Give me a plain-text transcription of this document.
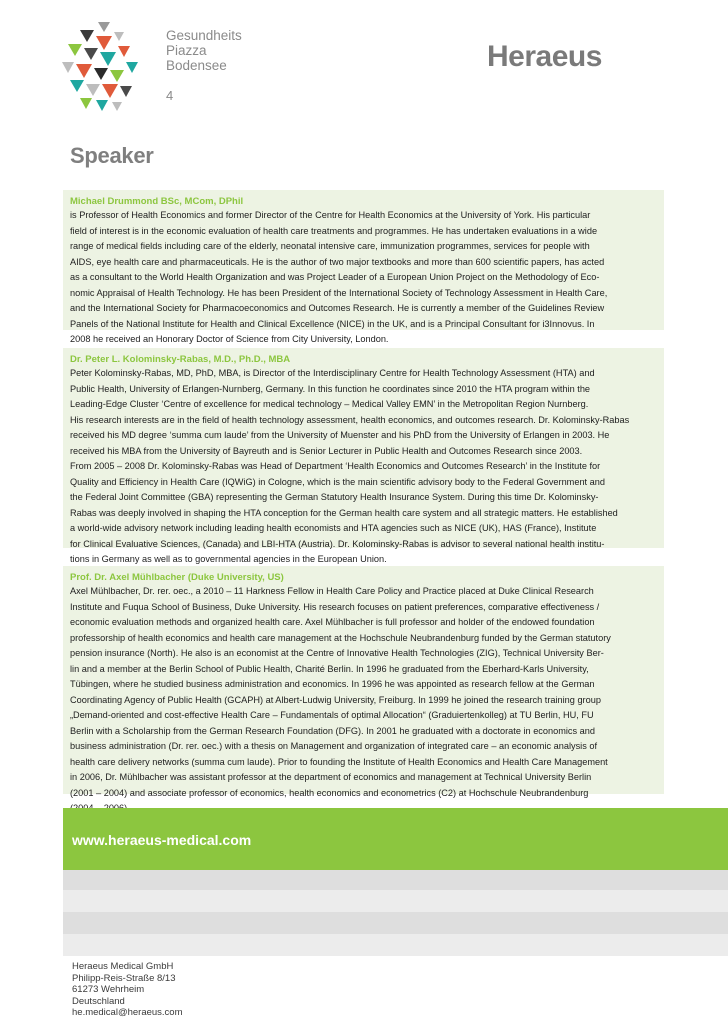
Gesundheits
Piazza
Bodensee
4
Heraeus
Speaker
Michael Drummond BSc, MCom, DPhil
is Professor of Health Economics and former Director of the Centre for Health Economics at the University of York. His particular
field of interest is in the economic evaluation of health care treatments and programmes. He has undertaken evaluations in a wide
range of medical fields including care of the elderly, neonatal intensive care, immunization programmes, services for people with
AIDS, eye health care and pharmaceuticals. He is the author of two major textbooks and more than 600 scientific papers, has acted
as a consultant to the World Health Organization and was Project Leader of a European Union Project on the Methodology of Eco-
nomic Appraisal of Health Technology. He has been President of the International Society of Technology Assessment in Health Care,
and the International Society for Pharmacoeconomics and Outcomes Research. He is currently a member of the Guidelines Review
Panels of the National Institute for Health and Clinical Excellence (NICE) in the UK, and is a Principal Consultant for i3Innovus. In
2008 he received an Honorary Doctor of Science from City University, London.
Dr. Peter L. Kolominsky-Rabas, M.D., Ph.D., MBA
Peter Kolominsky-Rabas, MD, PhD, MBA, is Director of the Interdisciplinary Centre for Health Technology Assessment (HTA) and
Public Health, University of Erlangen-Nurnberg, Germany. In this function he coordinates since 2010 the HTA program within the
Leading-Edge Cluster ‘Centre of excellence for medical technology – Medical Valley EMN’ in the Metropolitan Region Nurnberg.
His research interests are in the field of health technology assessment, health economics, and outcomes research. Dr. Kolominsky-Rabas
received his MD degree ‘summa cum laude’ from the University of Muenster and his PhD from the University of Erlangen in 2003. He
received his MBA from the University of Bayreuth and is Senior Lecturer in Public Health and Outcomes Research since 2003.
From 2005 – 2008 Dr. Kolominsky-Rabas was Head of Department ‘Health Economics and Outcomes Research’ in the Institute for
Quality and Efficiency in Health Care (IQWiG) in Cologne, which is the main scientific advisory body to the Federal Government and
the Federal Joint Committee (GBA) representing the German Statutory Health Insurance System. During this time Dr. Kolominsky-
Rabas was deeply involved in shaping the HTA conception for the German health care system and all strategic matters. He established
a world-wide advisory network including leading health economists and HTA agencies such as NICE (UK), HAS (France), Institute
for Clinical Evaluative Sciences, (Canada) and LBI-HTA (Austria). Dr. Kolominsky-Rabas is advisor to several national health institu-
tions in Germany as well as to governmental agencies in the European Union.
Prof. Dr. Axel Mühlbacher (Duke University, US)
Axel Mühlbacher, Dr. rer. oec., a 2010 – 11 Harkness Fellow in Health Care Policy and Practice placed at Duke Clinical Research
Institute and Fuqua School of Business, Duke University. His research focuses on patient preferences, comparative effectiveness /
economic evaluation methods and organized health care. Axel Mühlbacher is full professor and holder of the endowed foundation
professorship of health economics and health care management at the Hochschule Neubrandenburg funded by the German statutory
pension insurance (North). He also is an economist at the Centre of Innovative Health Technologies (ZIG), Technical University Ber-
lin and a member at the Berlin School of Public Health, Charité Berlin. In 1996 he graduated from the Eberhard-Karls University,
Tübingen, where he studied business administration and economics. In 1996 he was appointed as research fellow at the German
Coordinating Agency of Public Health (GCAPH) at Albert-Ludwig University, Freiburg. In 1999 he joined the research training group
„Demand-oriented and cost-effective Health Care – Fundamentals of optimal Allocation“ (Graduiertenkolleg) at TU Berlin, HU, FU
Berlin with a Scholarship from the German Research Foundation (DFG). In 2001 he graduated with a doctorate in economics and
business administration (Dr. rer. oec.) with a thesis on Management and organization of integrated care – an economic analysis of
health care delivery networks (summa cum laude). Prior to founding the Institute of Health Economics and Health Care Management
in 2006, Dr. Mühlbacher was assistant professor at the department of economics and management at Technical University Berlin
(2001 – 2004) and associate professor of economics, health economics and econometrics (C2) at Hochschule Neubrandenburg
www.heraeus-medical.com
Heraeus Medical GmbH
Philipp-Reis-Straße 8/13
61273 Wehrheim
Deutschland
he.medical@heraeus.com
